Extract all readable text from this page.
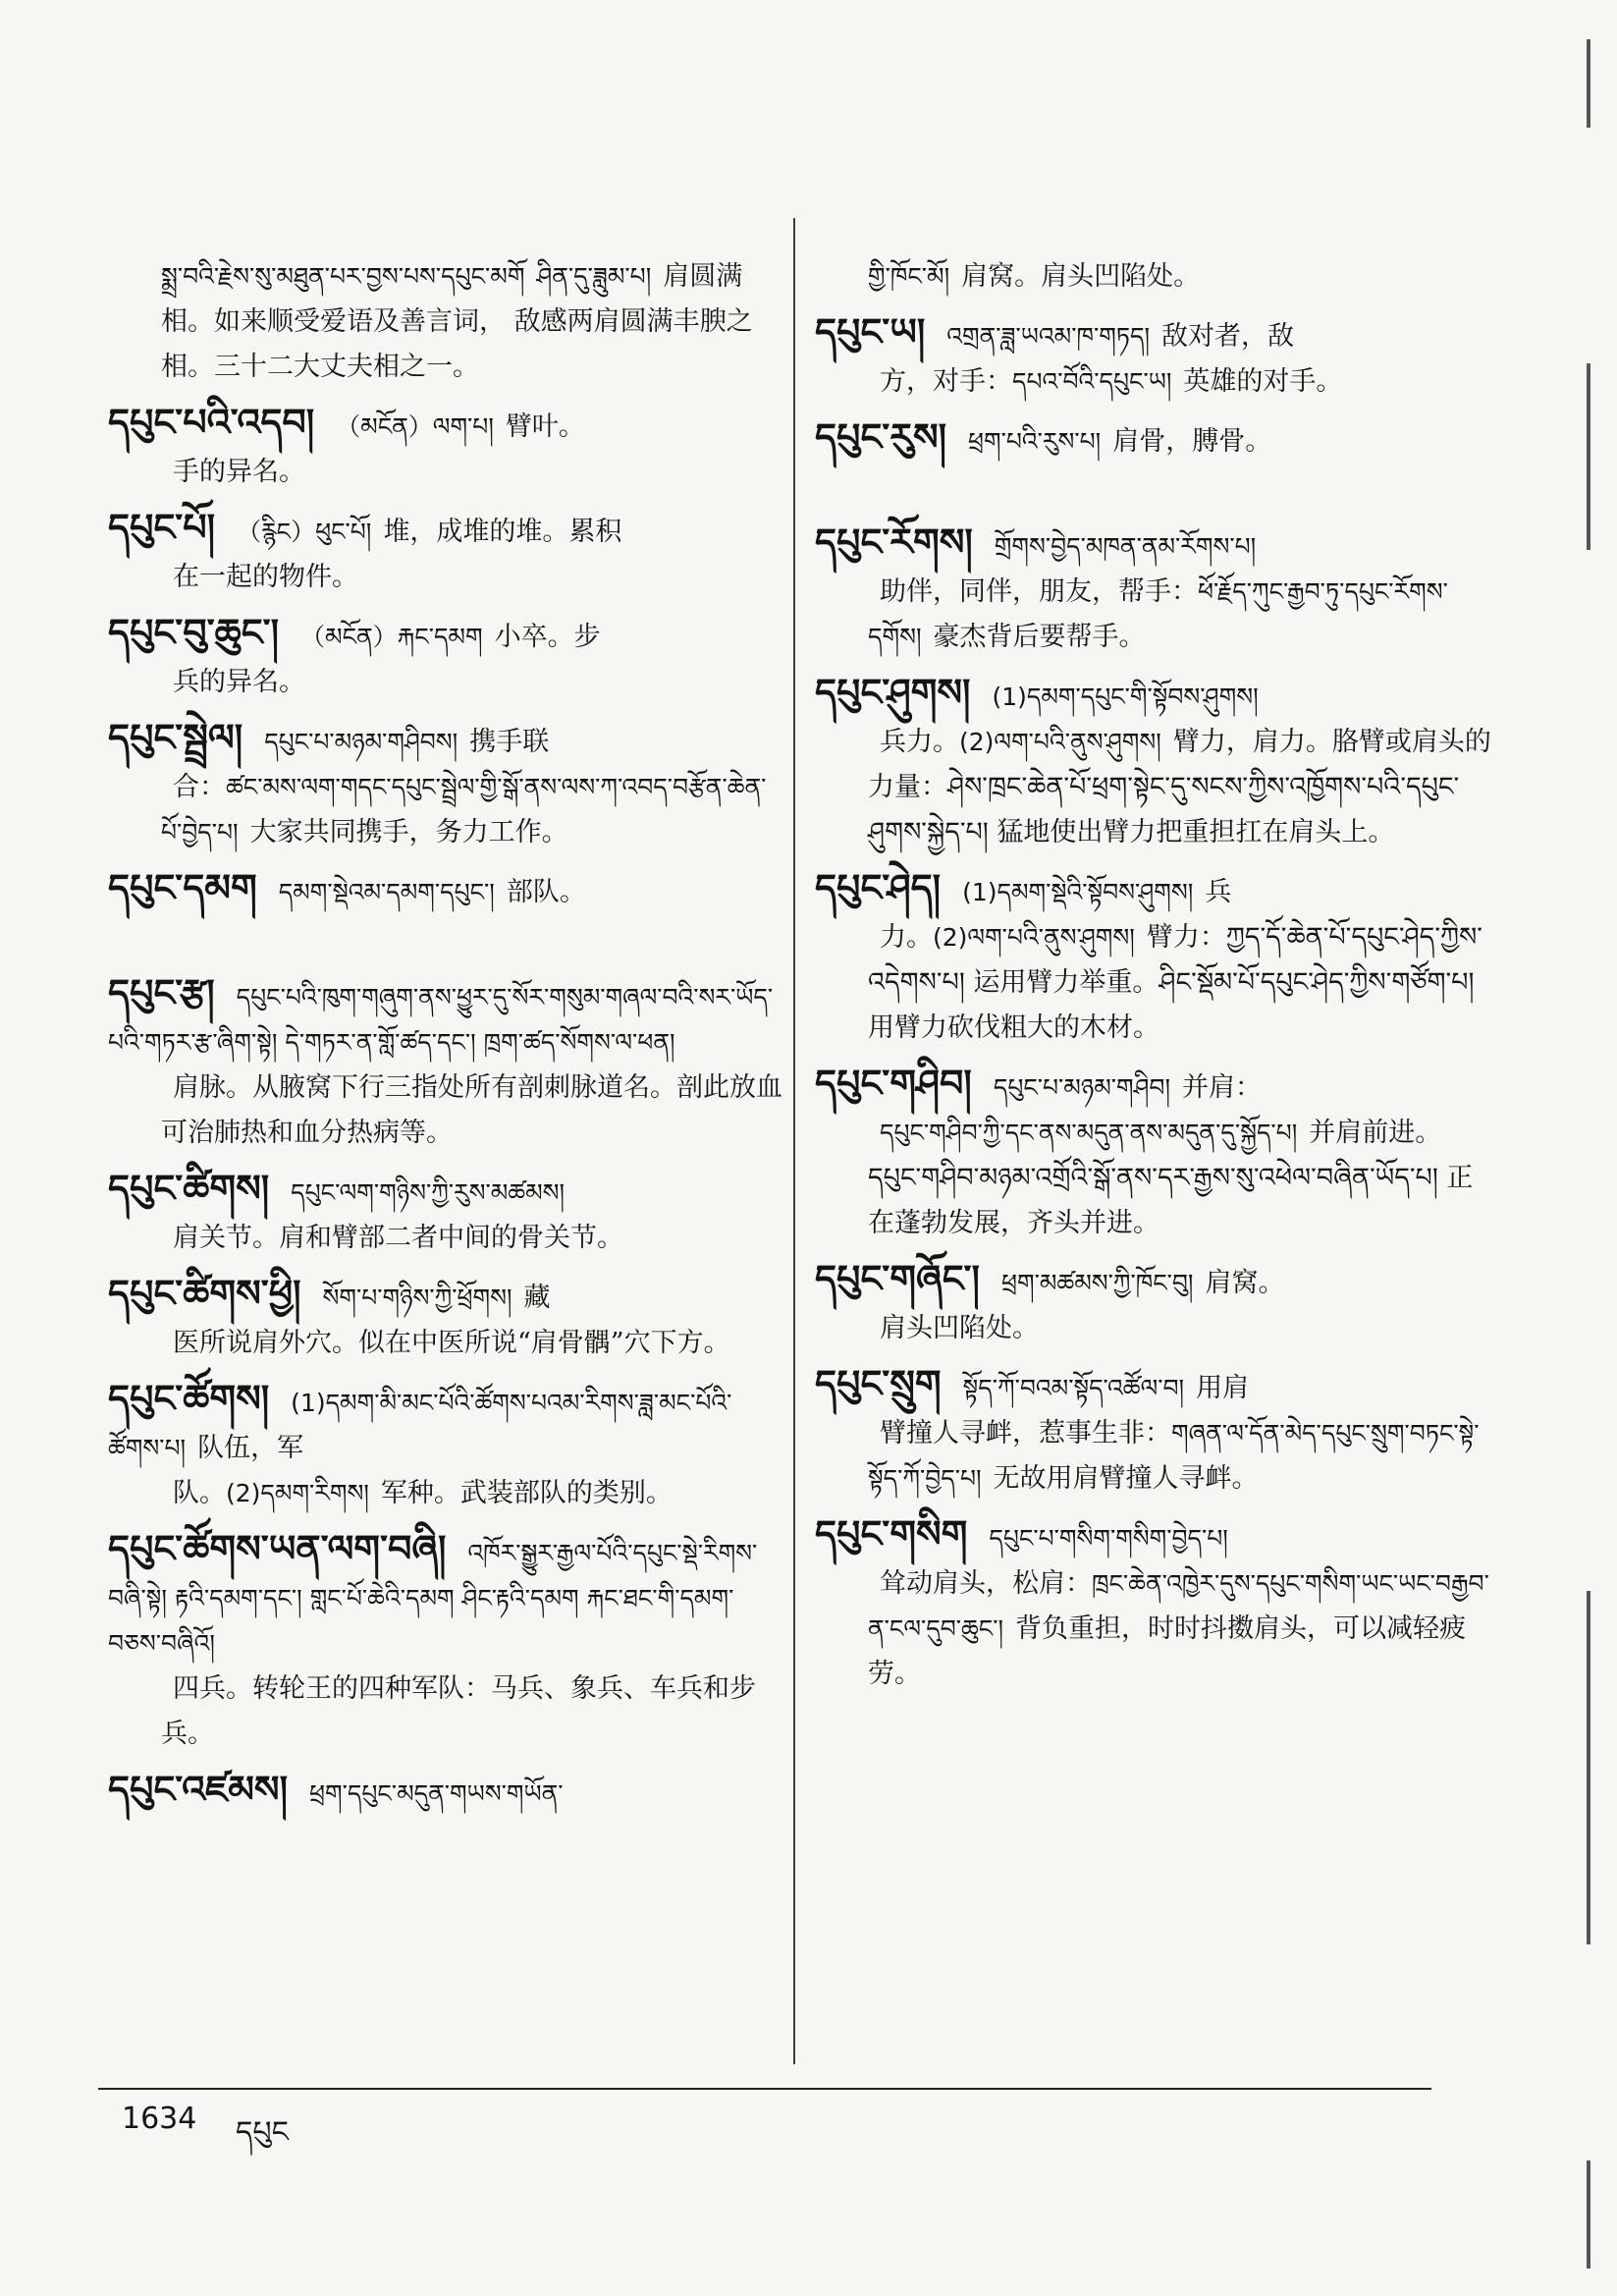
སྨྲ་བའི་རྗེས་སུ་མཐུན་པར་བྱས་པས་དཔུང་མགོ ཤིན་དུ་ཟླུམ་པ། 肩圆满相。如来顺受爱语及善言词， 敌感两肩圆满丰腴之相。三十二大丈夫相之一。
དཔུང་པའི་འདབ། （མངོན）ལག་པ། 臂叶。
手的异名。
དཔུང་པོ། （རྙིང）ཕུང་པོ། 堆，成堆的堆。累积
在一起的物件。
དཔུང་བུ་ཆུང་། （མངོན）རྐང་དམག 小卒。步
兵的异名。
དཔུང་སྦྲེལ། དཔུང་པ་མཉམ་གཤིབས། 携手联
合：ཚང་མས་ལག་གདང་དཔུང་སྦྲེལ་གྱི་སྒོ་ནས་ལས་ཀ་འབད་བརྩོན་ཆེན་པོ་བྱེད་པ། 大家共同携手，务力工作。
དཔུང་དམག དམག་སྡེའམ་དམག་དཔུང་། 部队。
དཔུང་རྩ། དཔུང་པའི་ཁུག་གཞུག་ནས་ཕྱུར་དུ་སོར་གསུམ་གཞལ་བའི་སར་ཡོད་པའི་གཏར་རྩ་ཞིག་སྟེ། དེ་གཏར་ན་གློ་ཚད་དང་། ཁྲག་ཚད་སོགས་ལ་ཕན།
肩脉。从腋窝下行三指处所有剖刺脉道名。剖此放血可治肺热和血分热病等。
དཔུང་ཚིགས། དཔུང་ལག་གཉིས་ཀྱི་རུས་མཚམས།
肩关节。肩和臂部二者中间的骨关节。
དཔུང་ཚིགས་ཕྱི། སོག་པ་གཉིས་ཀྱི་ཕྲོགས། 藏
医所说肩外穴。似在中医所说“肩骨髃”穴下方。
དཔུང་ཚོགས། (1)དམག་མི་མང་པོའི་ཚོགས་པའམ་རིགས་ཟླ་མང་པོའི་ཚོགས་པ། 队伍，军
队。(2)དམག་རིགས། 军种。武装部队的类别。
དཔུང་ཚོགས་ཡན་ལག་བཞི། འཁོར་སྒྱུར་རྒྱལ་པོའི་དཔུང་སྡེ་རིགས་བཞི་སྟེ། རྟའི་དམག་དང་། གླང་པོ་ཆེའི་དམག ཤིང་རྟའི་དམག རྐང་ཐང་གི་དམག་བཅས་བཞིའོ།
四兵。转轮王的四种军队：马兵、象兵、车兵和步兵。
དཔུང་འཛམས། ཕྲག་དཔུང་མདུན་གཡས་གཡོན་
གྱི་ཁོང་མོ། 肩窝。肩头凹陷处。
དཔུང་ཡ། འགྲན་ཟླ་ཡའམ་ཁ་གཏད། 敌对者，敌
方，对手：དཔའ་བོའི་དཔུང་ཡ། 英雄的对手。
དཔུང་རུས། ཕྲག་པའི་རུས་པ། 肩骨，膊骨。
དཔུང་རོགས། གྲོགས་བྱེད་མཁན་ནམ་རོགས་པ།
助伴，同伴，朋友，帮手：ཕོ་རྗོད་ཀུང་རྒྱབ་ཏུ་དཔུང་རོགས་དགོས། 豪杰背后要帮手。
དཔུང་ཤུགས། (1)དམག་དཔུང་གི་སྟོབས་ཤུགས།
兵力。(2)ལག་པའི་ནུས་ཤུགས། 臂力，肩力。胳臂或肩头的力量：ཤེས་ཁྲང་ཆེན་པོ་ཕྲག་སྟེང་དུ་སངས་ཀྱིས་འཁྱོགས་པའི་དཔུང་ཤུགས་སྐྱེད་པ། 猛地使出臂力把重担扛在肩头上。
དཔུང་ཤེད། (1)དམག་སྡེའི་སྟོབས་ཤུགས། 兵
力。(2)ལག་པའི་ནུས་ཤུགས། 臂力：ཀྱད་དོ་ཆེན་པོ་དཔུང་ཤེད་ཀྱིས་འདེགས་པ། 运用臂力举重。ཤིང་སྡོམ་པོ་དཔུང་ཤེད་ཀྱིས་གཙོག་པ། 用臂力砍伐粗大的木材。
དཔུང་གཤིབ། དཔུང་པ་མཉམ་གཤིབ། 并肩：
དཔུང་གཤིབ་ཀྱི་དང་ནས་མདུན་ནས་མདུན་དུ་སྐྱོད་པ། 并肩前进。དཔུང་གཤིབ་མཉམ་འགྲོའི་སྒོ་ནས་དར་རྒྱས་སུ་འཕེལ་བཞིན་ཡོད་པ། 正在蓬勃发展，齐头并进。
དཔུང་གཞོང་། ཕྲག་མཚམས་ཀྱི་ཁོང་བུ། 肩窝。
肩头凹陷处。
དཔུང་སྲུག སྟོད་ཀོ་བའམ་སྟོད་འཚོལ་བ། 用肩
臂撞人寻衅，惹事生非：གཞན་ལ་དོན་མེད་དཔུང་སྲུག་བཏང་སྟེ་སྟོད་ཀོ་བྱེད་པ། 无故用肩臂撞人寻衅。
དཔུང་གསིག དཔུང་པ་གསིག་གསིག་བྱེད་པ།
耸动肩头，松肩：ཁྲང་ཆེན་འཁྱེར་དུས་དཔུང་གསིག་ཡང་ཡང་བརྒྱབ་ན་ངལ་དུབ་ཆུང་། 背负重担，时时抖擞肩头，可以减轻疲劳。
1634 དཔུང
